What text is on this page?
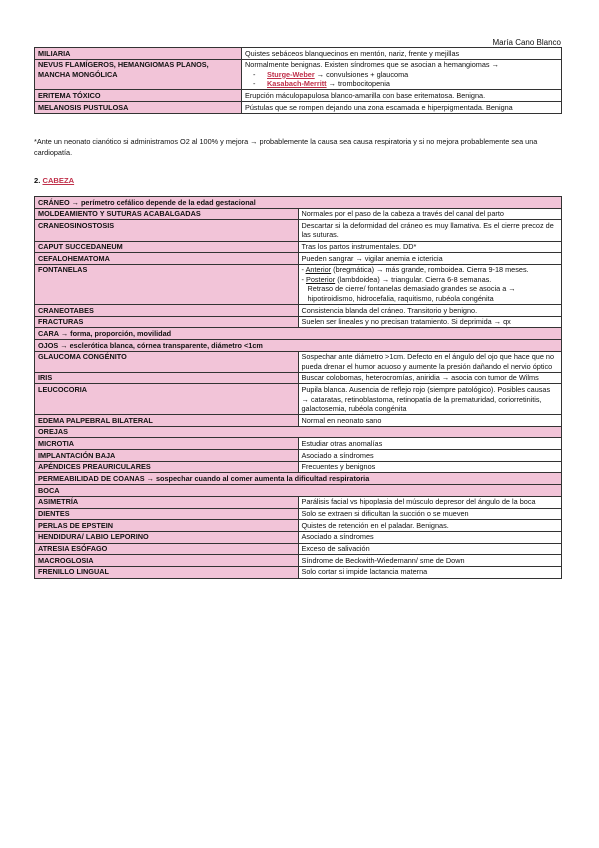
María Cano Blanco
MILIARIA	Quistes sebáceos blanquecinos en mentón, nariz, frente y mejillas
NEVUS FLAMÍGEROS, HEMANGIOMAS PLANOS, MANCHA MONGÓLICA	Normalmente benignas. Existen síndromes que se asocian a hemangiomas →
- Sturge-Weber → convulsiones + glaucoma
- Kasabach-Merritt → trombocitopenia

ERITEMA TÓXICO	Erupción máculopapulosa blanco-amarilla con base eritematosa. Benigna.
MELANOSIS PUSTULOSA	Pústulas que se rompen dejando una zona escamada e hiperpigmentada. Benigna
*Ante un neonato cianótico si administramos O2 al 100% y mejora → probablemente la causa sea causa respiratoria y si no mejora probablemente sea una cardiopatía.
2. CABEZA
CRÁNEO → perímetro cefálico depende de la edad gestacional	
MOLDEAMIENTO Y SUTURAS ACABALGADAS	Normales por el paso de la cabeza a través del canal del parto
CRANEOSINOSTOSIS	Descartar si la deformidad del cráneo es muy llamativa. Es el cierre precoz de las suturas.
CAPUT SUCCEDANEUM	Tras los partos instrumentales. DD*
CEFALOHEMATOMA	Pueden sangrar → vigilar anemia e ictericia
FONTANELAS	- Anterior (bregmática) → más grande, romboidea. Cierra 9-18 meses.
- Posterior (lambdoidea) → triangular. Cierra 6-8 semanas.
Retraso de cierre/ fontanelas demasiado grandes se asocia a → hipotiroidismo, hidrocefalia, raquitismo, rubéola congénita

CRANEOTABES	Consistencia blanda del cráneo. Transitorio y benigno.
FRACTURAS	Suelen ser lineales y no precisan tratamiento. Si deprimida → qx
CARA → forma, proporción, movilidad	
OJOS → esclerótica blanca, córnea transparente, diámetro <1cm	
GLAUCOMA CONGÉNITO	Sospechar ante diámetro >1cm. Defecto en el ángulo del ojo que hace que no pueda drenar el humor acuoso y aumente la presión dañando el nervio óptico
IRIS	Buscar colobomas, heterocromías, aniridia → asocia con tumor de Wilms
LEUCOCORIA	Pupila blanca. Ausencia de reflejo rojo (siempre patológico). Posibles causas → cataratas, retinoblastoma, retinopatía de la prematuridad, coriorretinitis, galactosemia, rubéola congénita
EDEMA PALPEBRAL BILATERAL	Normal en neonato sano
OREJAS	
MICROTIA	Estudiar otras anomalías
IMPLANTACIÓN BAJA	Asociado a síndromes
APÉNDICES PREAURICULARES	Frecuentes y benignos
PERMEABILIDAD DE COANAS → sospechar cuando al comer aumenta la dificultad respiratoria	
BOCA	
ASIMETRÍA	Parálisis facial vs hipoplasia del músculo depresor del ángulo de la boca
DIENTES	Solo se extraen si dificultan la succión o se mueven
PERLAS DE EPSTEIN	Quistes de retención en el paladar. Benignas.
HENDIDURA/ LABIO LEPORINO	Asociado a síndromes
ATRESIA ESÓFAGO	Exceso de salivación
MACROGLOSIA	Síndrome de Beckwith-Wiedemann/ sme de Down
FRENILLO LINGUAL	Solo cortar si impide lactancia materna
